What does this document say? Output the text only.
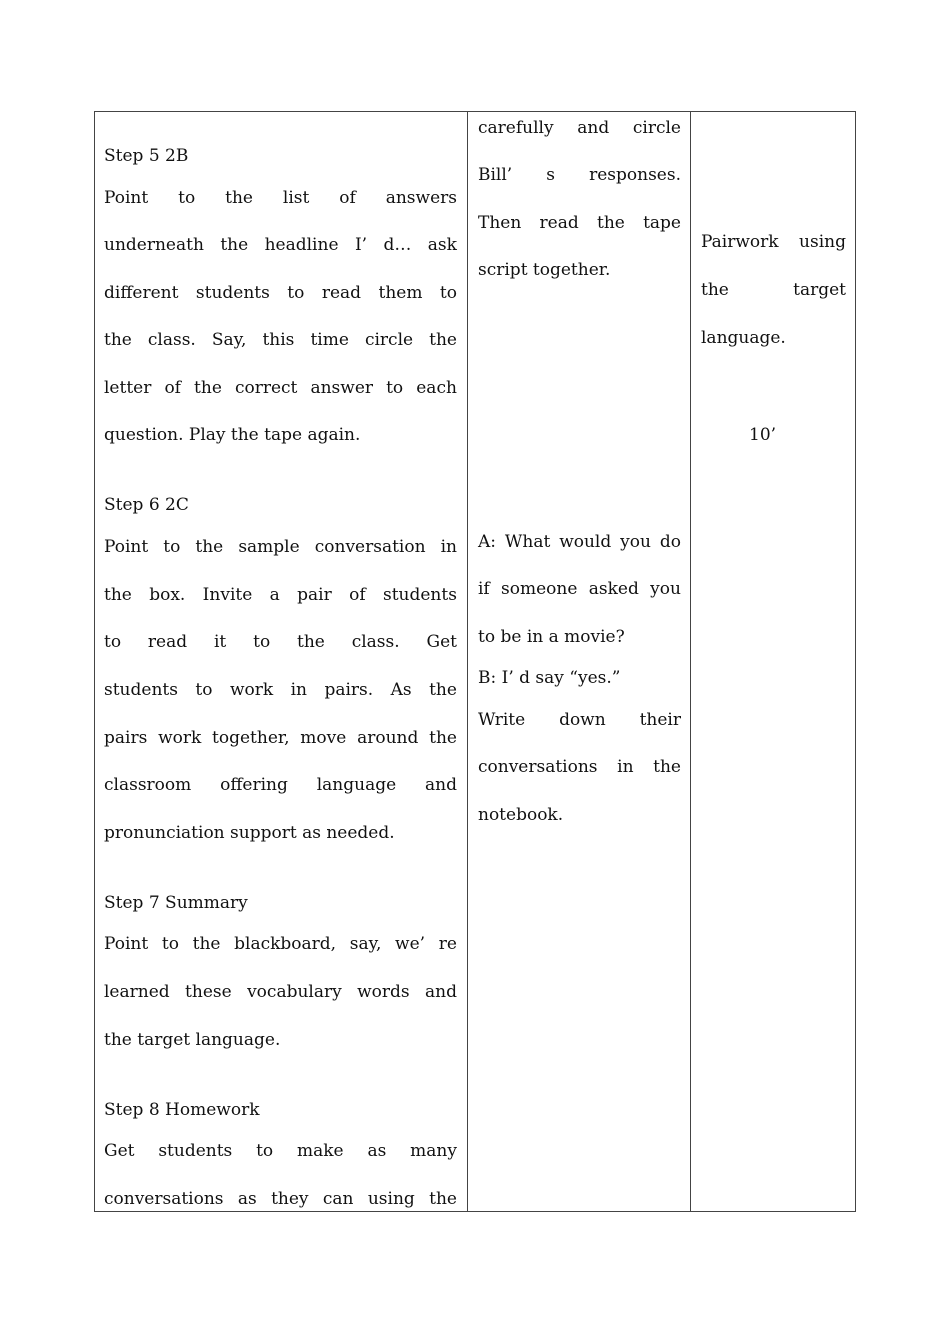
Step 5 2B
Point to the list of answers
underneath the headline I’ d… ask
different students to read them to
the class. Say, this time circle the
letter of the correct answer to each
question. Play the tape again.
Step 6 2C
Point to the sample conversation in
the box. Invite a pair of students
to read it to the class. Get
students to work in pairs. As the
pairs work together, move around the
classroom offering language and
pronunciation support as needed.
Step 7 Summary
Point to the blackboard, say, we’ re
learned these vocabulary words and
the target language.
Step 8 Homework
Get students to make as many
conversations as they can using the
carefully and circle
Bill’ s responses.
Then read the tape
script together.
A: What would you do
if someone asked you
to be in a movie?
B: I’ d say “yes.”
Write down their
conversations in the
notebook.
Pairwork using
the	target
language.
10’
